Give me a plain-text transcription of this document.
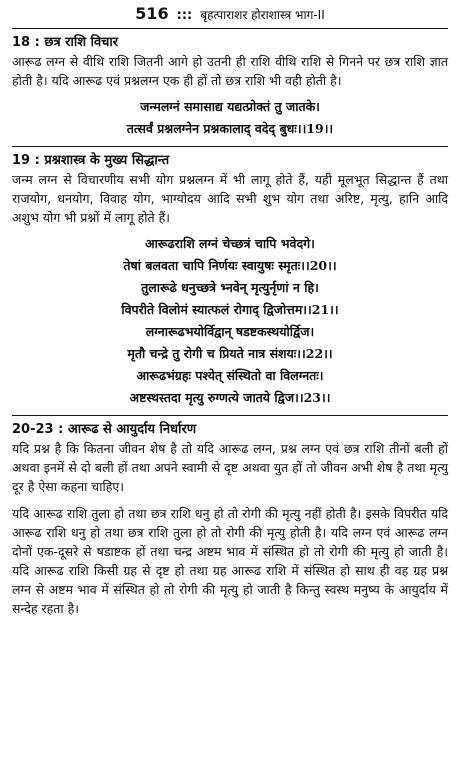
516 ::: बृहत्पाराशर होराशास्त्र भाग-II

18 : छत्र राशि विचार

आरूढ लग्न से वीथि राशि जितनी आगे हो उतनी ही राशि वीथि राशि से गिनने पर छत्र राशि ज्ञात होती है। यदि आरूढ एवं प्रश्नलग्न एक ही हों तो छत्र राशि भी वही होती है।

जन्मलग्नं समासाद्य यद्यत्प्रोक्तं तु जातके।
तत्सर्वं प्रश्नलग्नेन प्रश्नकालाद् वदेद् बुधः।।19।।

19 : प्रश्नशास्त्र के मुख्य सिद्धान्त

जन्म लग्न से विचारणीय सभी योग प्रश्नलग्न में भी लागू होते हैं, यही मूलभूत सिद्धान्त हैं तथा राजयोग, धनयोग, विवाह योग, भाग्योदय आदि सभी शुभ योग तथा अरिष्ट, मृत्यु, हानि आदि अशुभ योग भी प्रश्नों में लागू होते हैं।

आरूढराशि लग्नं चेच्छत्रं चापि भवेदगे।
तेषां बलवता चापि निर्णयः स्वायुषः स्मृतः।।20।।
तुलारूढे धनुच्छत्रे भ्नवेन् मृत्युर्नृणां न हि।
विपरीते विलोमं स्यात्फलं रोगाद् द्विजोत्तम।।21।।
लग्नारूढभयोर्विद्वान् षडष्टकस्थयोर्द्विज।
मृतौ चन्द्रे तु रोगी च प्रियते नात्र संशयः।।22।।
आरूढभंग्रहः पश्येत् संस्थितो वा विलग्नतः।
अष्टस्थस्तदा मृत्यु रुग्णत्ये जातये द्विज।।23।।

20-23 : आरूढ से आयुर्दाय निर्धारण

यदि प्रश्न है कि कितना जीवन शेष है तो यदि आरूढ लग्न, प्रश्न लग्न एवं छत्र राशि तीनों बली हों अथवा इनमें से दो बली हों तथा अपने स्वामी से दृष्ट अथवा युत हों तो जीवन अभी शेष है तथा मृत्यु दूर है ऐसा कहना चाहिए।

यदि आरूढ राशि तुला हो तथा छत्र राशि धनु हो तो रोगी की मृत्यु नहीं होती है। इसके विपरीत यदि आरूढ राशि धनु हो तथा छत्र राशि तुला हो तो रोगी की मृत्यु होती है। यदि लग्न एवं आरूढ लग्न दोनों एक-दूसरे से षडाष्टक हों तथा चन्द्र अष्टम भाव में संस्थित हो तो रोगी की मृत्यु हो जाती है। यदि आरूढ राशि किसी ग्रह से दृष्ट हो तथा ग्रह आरूढ राशि में संस्थित हो साथ ही वह ग्रह प्रश्न लग्न से अष्टम भाव में संस्थित हो तो रोगी की मृत्यु हो जाती है किन्तु स्वस्थ मनुष्य के आयुर्दाय में सन्देह रहता है।
